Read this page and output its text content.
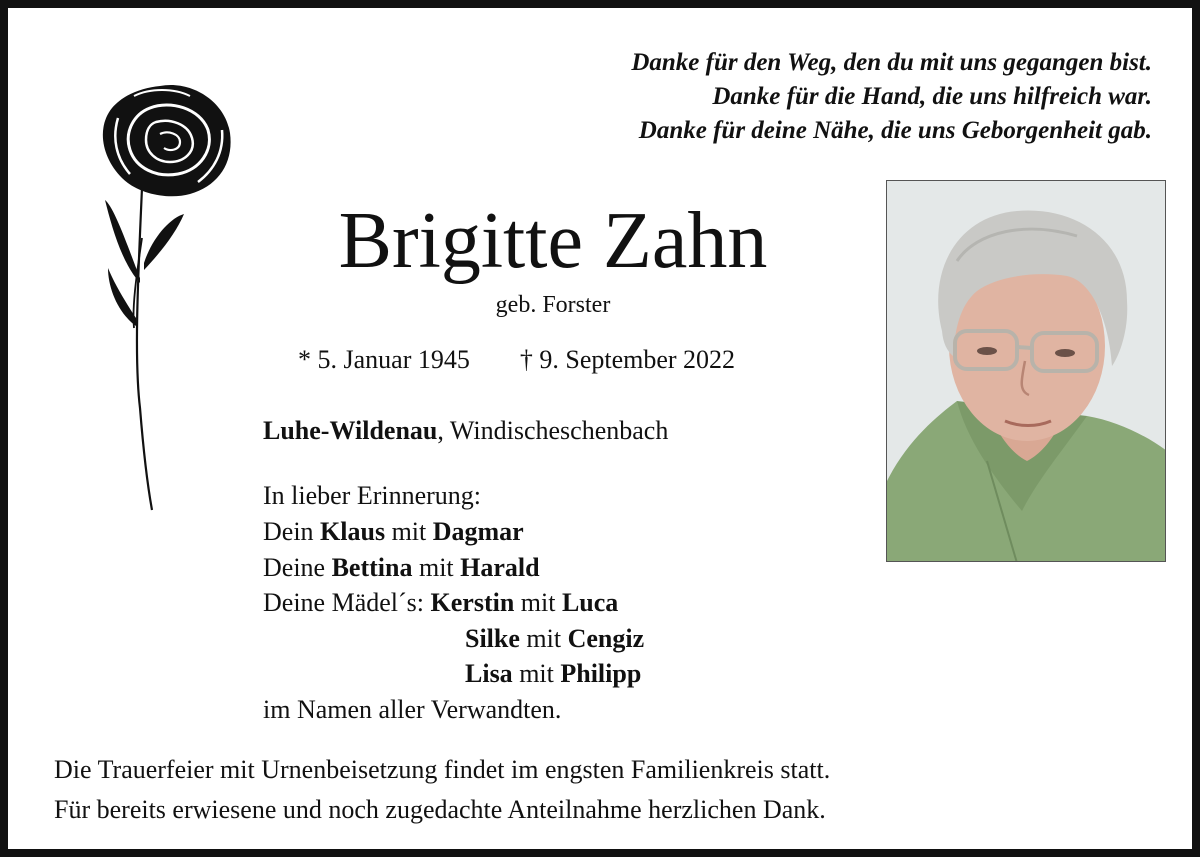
Danke für den Weg, den du mit uns gegangen bist.
Danke für die Hand, die uns hilfreich war.
Danke für deine Nähe, die uns Geborgenheit gab.
Brigitte Zahn
geb. Forster
* 5. Januar 1945 † 9. September 2022
Luhe-Wildenau, Windischeschenbach
In lieber Erinnerung:
Dein Klaus mit Dagmar
Deine Bettina mit Harald
Deine Mädel´s: Kerstin mit Luca
Silke mit Cengiz
Lisa mit Philipp
im Namen aller Verwandten.
Die Trauerfeier mit Urnenbeisetzung findet im engsten Familienkreis statt.
Für bereits erwiesene und noch zugedachte Anteilnahme herzlichen Dank.
